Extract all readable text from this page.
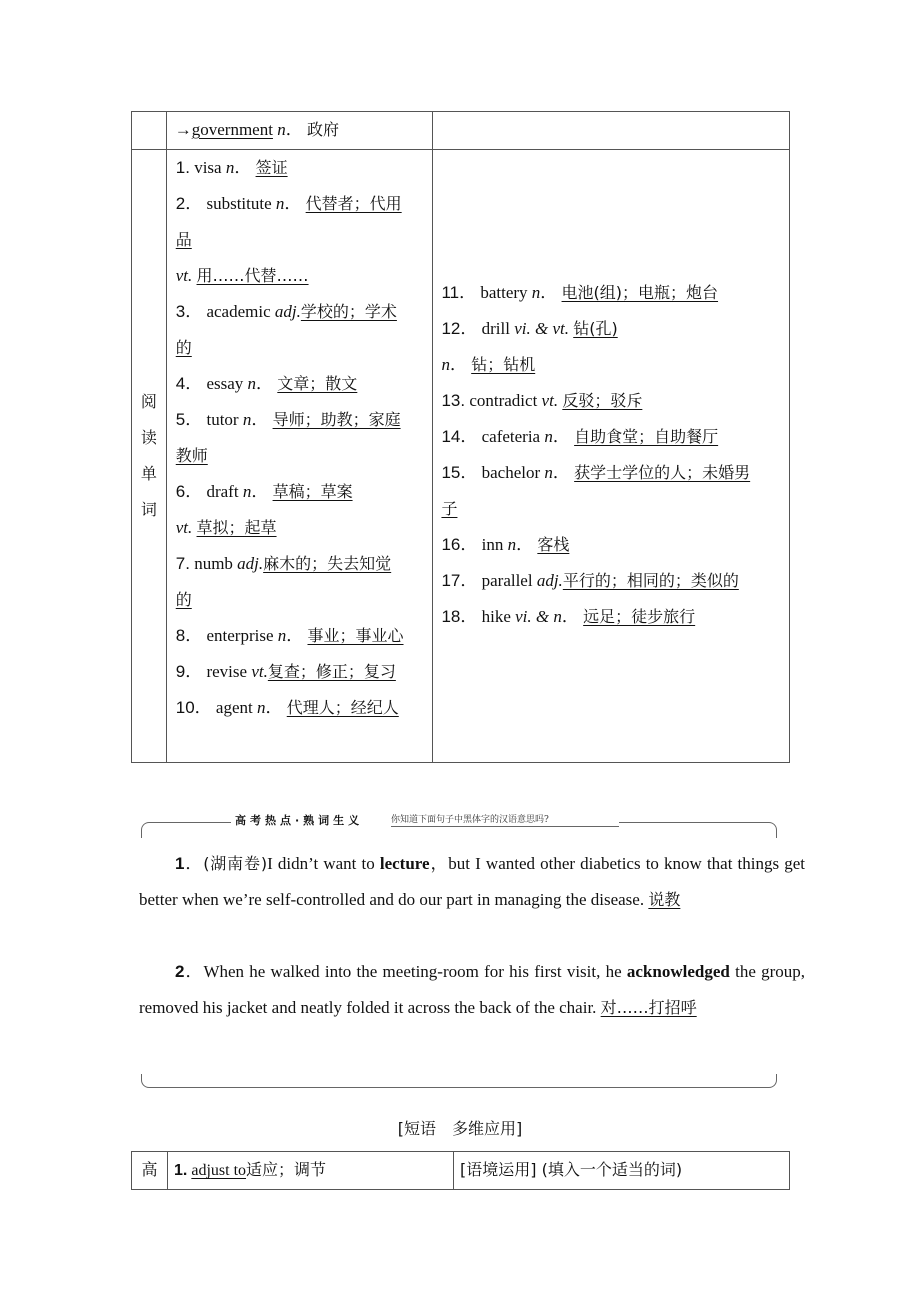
	→government n． 政府	

阅
读
单
词

1. visa n． 签证
2． substitute n． 代替者；代用
品
vt. 用……代替……
3． academic adj.学校的；学术
的
4． essay n． 文章；散文
5． tutor n． 导师；助教；家庭
教师
6． draft n． 草稿；草案
vt. 草拟；起草
7. numb adj.麻木的；失去知觉
的
8． enterprise n． 事业；事业心
9． revise vt.复查；修正；复习
10． agent n． 代理人；经纪人

11． battery n． 电池(组)；电瓶；炮台
12． drill vi. & vt. 钻(孔)
n． 钻；钻机
13. contradict vt. 反驳；驳斥
14． cafeteria n． 自助食堂；自助餐厅
15． bachelor n． 获学士学位的人；未婚男
子
16． inn n． 客栈
17． parallel adj.平行的；相同的；类似的
18． hike vi. & n． 远足；徒步旅行
高考热点·熟词生义	你知道下面句子中黑体字的汉语意思吗?

1．(湖南卷)I didn’t want to lecture，but I wanted other diabetics to know that things get better when we’re self-controlled and do our part in managing the disease. 说教

2．When he walked into the meeting-room for his first visit, he acknowledged the group, removed his jacket and neatly folded it across the back of the chair. 对……打招呼

[短语　多维应用]
高	1. adjust to适应；调节	[语境运用] (填入一个适当的词)
